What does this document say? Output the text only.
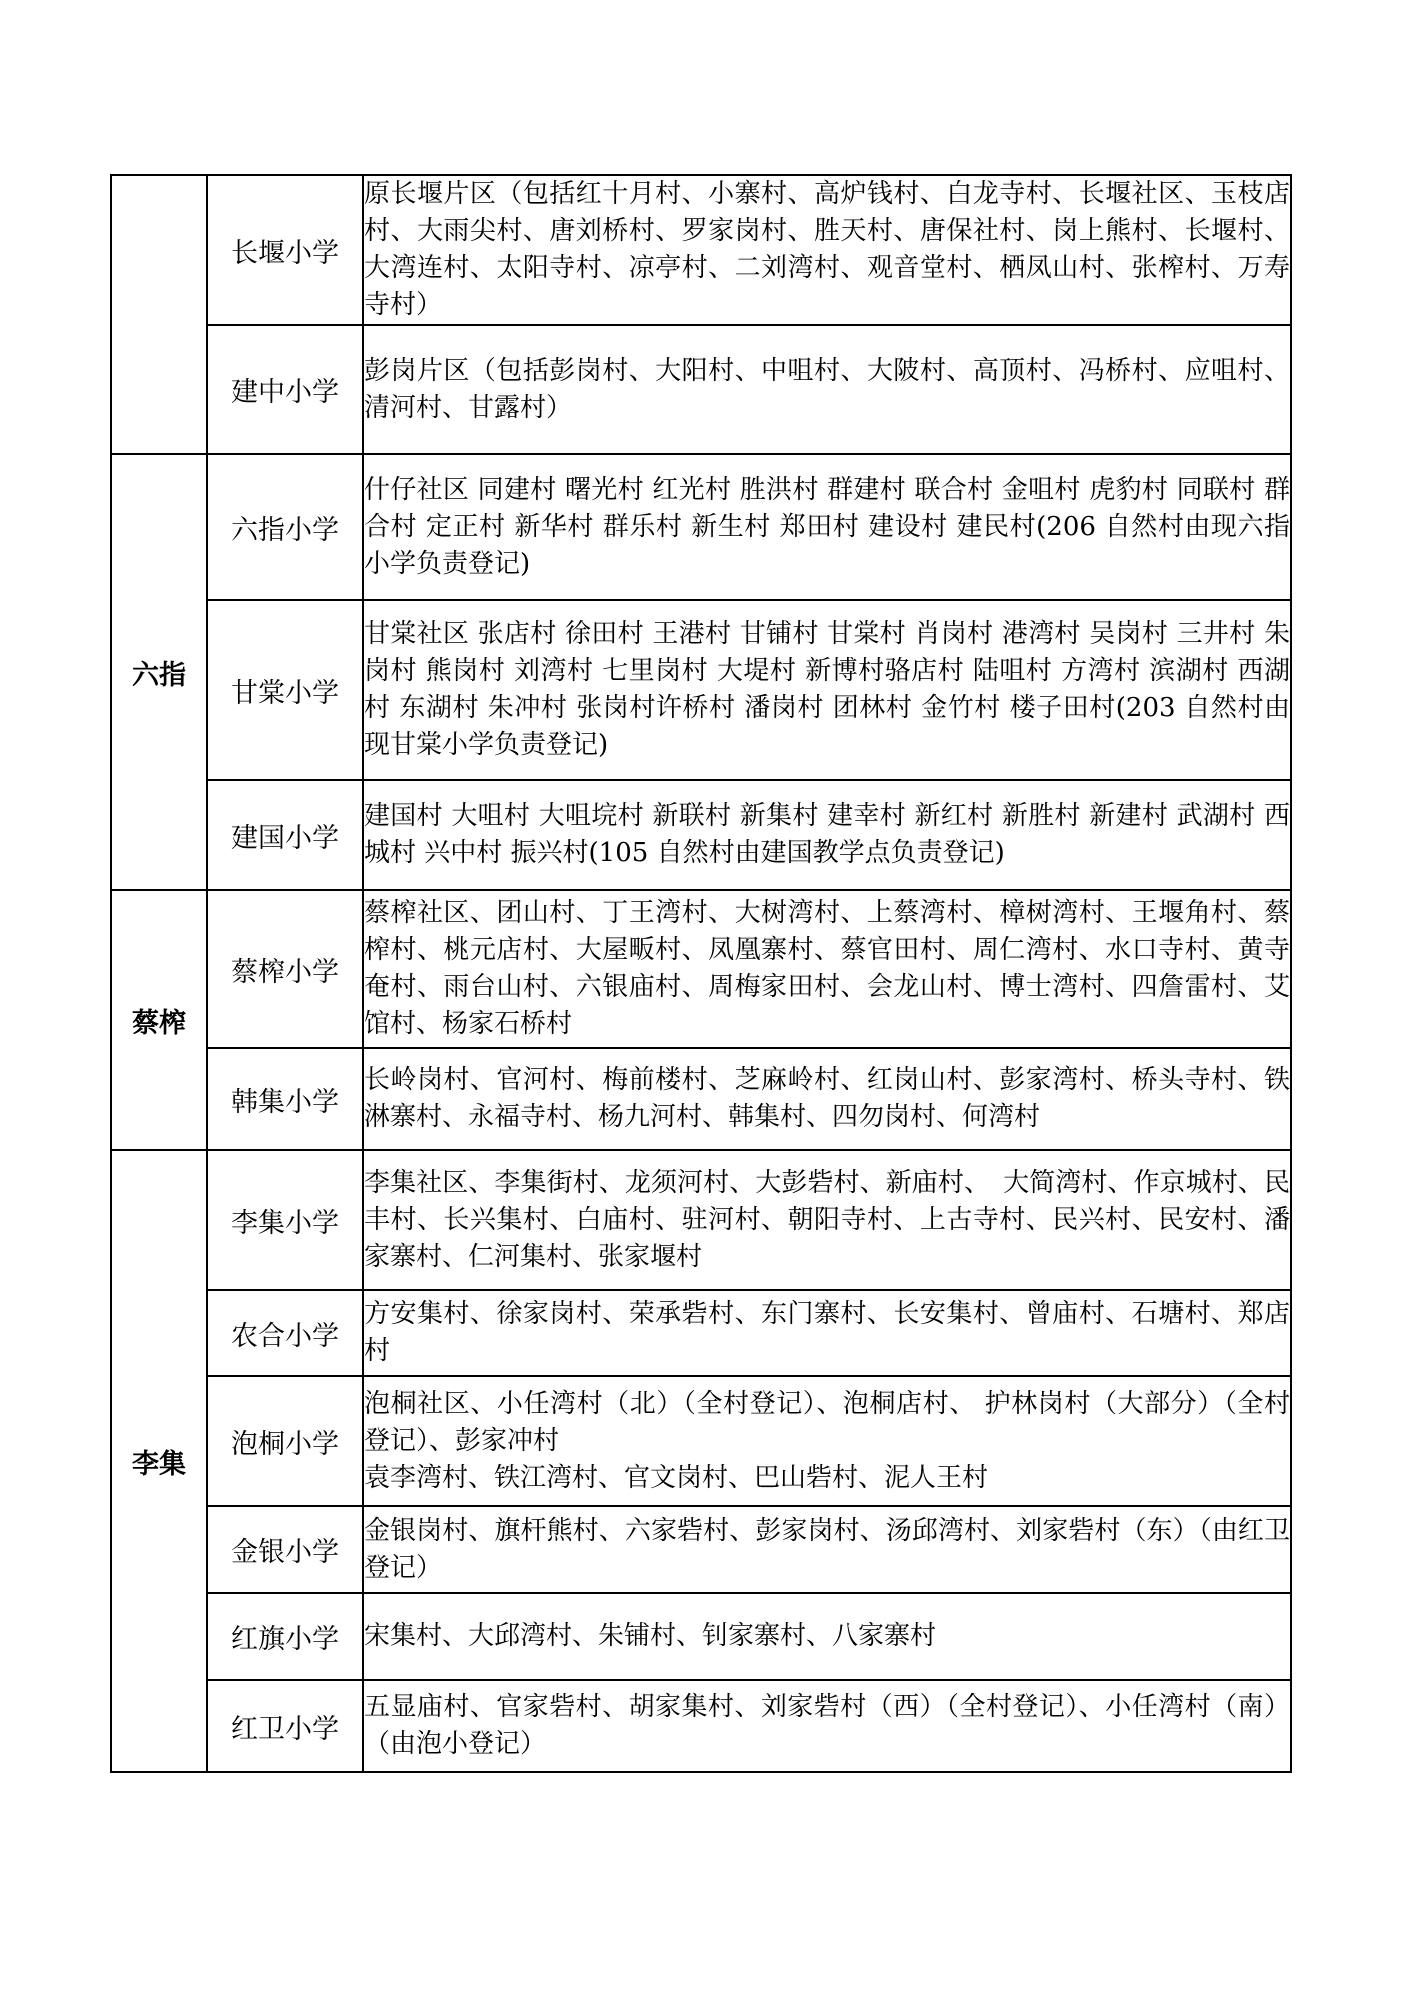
	长堰小学	原长堰片区（包括红十月村、小寨村、高炉钱村、白龙寺村、长堰社区、玉枝店村、大雨尖村、唐刘桥村、罗家岗村、胜天村、唐保社村、岗上熊村、长堰村、大湾连村、太阳寺村、凉亭村、二刘湾村、观音堂村、栖凤山村、张榨村、万寿寺村）

	建中小学	彭岗片区（包括彭岗村、大阳村、中咀村、大陂村、高顶村、冯桥村、应咀村、清河村、甘露村）

六指	六指小学	什仔社区 同建村 曙光村 红光村 胜洪村 群建村 联合村 金咀村 虎豹村 同联村 群合村 定正村 新华村 群乐村 新生村 郑田村 建设村 建民村(206 自然村由现六指小学负责登记)

	甘棠小学	甘棠社区 张店村 徐田村 王港村 甘铺村 甘棠村 肖岗村 港湾村 吴岗村 三井村 朱岗村 熊岗村 刘湾村 七里岗村 大堤村 新博村骆店村 陆咀村 方湾村 滨湖村 西湖村 东湖村 朱冲村 张岗村许桥村 潘岗村 团林村 金竹村 楼子田村(203 自然村由现甘棠小学负责登记)

	建国小学	建国村 大咀村 大咀垸村 新联村 新集村 建幸村 新红村 新胜村 新建村 武湖村 西城村 兴中村 振兴村(105 自然村由建国教学点负责登记)

蔡榨	蔡榨小学	蔡榨社区、团山村、丁王湾村、大树湾村、上蔡湾村、樟树湾村、王堰角村、蔡榨村、桃元店村、大屋畈村、凤凰寨村、蔡官田村、周仁湾村、水口寺村、黄寺奄村、雨台山村、六银庙村、周梅家田村、会龙山村、博士湾村、四詹雷村、艾馆村、杨家石桥村

	韩集小学	长岭岗村、官河村、梅前楼村、芝麻岭村、红岗山村、彭家湾村、桥头寺村、铁淋寨村、永福寺村、杨九河村、韩集村、四勿岗村、何湾村

李集	李集小学	李集社区、李集街村、龙须河村、大彭砦村、新庙村、　大简湾村、作京城村、民丰村、长兴集村、白庙村、驻河村、朝阳寺村、上古寺村、民兴村、民安村、潘家寨村、仁河集村、张家堰村

	农合小学	方安集村、徐家岗村、荣承砦村、东门寨村、长安集村、曾庙村、石塘村、郑店村

	泡桐小学	泡桐社区、小任湾村（北）（全村登记）、泡桐店村、 护林岗村（大部分）（全村登记）、彭家冲村
袁李湾村、铁江湾村、官文岗村、巴山砦村、泥人王村

	金银小学	金银岗村、旗杆熊村、六家砦村、彭家岗村、汤邱湾村、刘家砦村（东）（由红卫登记）

	红旗小学	宋集村、大邱湾村、朱铺村、钊家寨村、八家寨村

	红卫小学	五显庙村、官家砦村、胡家集村、刘家砦村（西）（全村登记）、小任湾村（南）（由泡小登记）
